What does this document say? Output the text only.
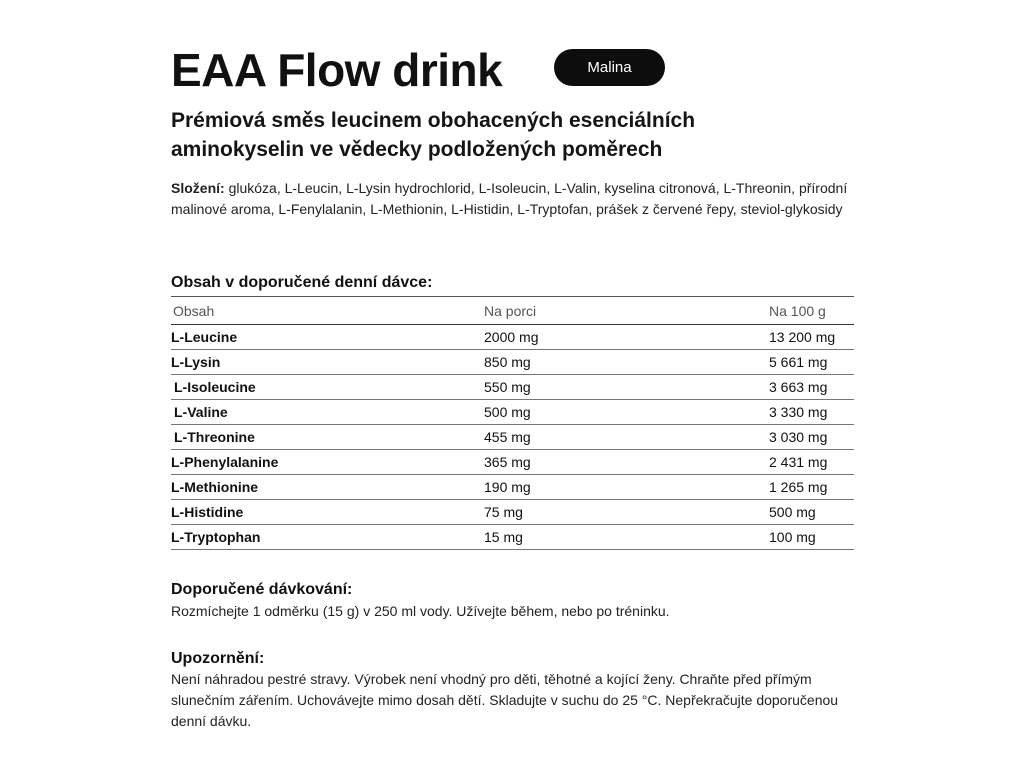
EAA Flow drink	Malina
Prémiová směs leucinem obohacených esenciálních aminokyselin ve vědecky podložených poměrech
Složení: glukóza, L-Leucin, L-Lysin hydrochlorid, L-Isoleucin, L-Valin, kyselina citronová, L-Threonin, přírodní malinové aroma, L-Fenylalanin, L-Methionin, L-Histidin, L-Tryptofan, prášek z červené řepy, steviol-glykosidy
Obsah v doporučené denní dávce:
Obsah	Na porci	Na 100 g
L-Leucine	2000 mg	13 200 mg
L-Lysin	850 mg	5 661 mg
L-Isoleucine	550 mg	3 663 mg
L-Valine	500 mg	3 330 mg
L-Threonine	455 mg	3 030 mg
L-Phenylalanine	365 mg	2 431 mg
L-Methionine	190 mg	1 265 mg
L-Histidine	75 mg	500 mg
L-Tryptophan	15 mg	100 mg
Doporučené dávkování:

Rozmíchejte 1 odměrku (15 g) v 250 ml vody. Užívejte během, nebo po tréninku.

Upozornění:

Není náhradou pestré stravy. Výrobek není vhodný pro děti, těhotné a kojící ženy. Chraňte před přímým slunečním zářením. Uchovávejte mimo dosah dětí. Skladujte v suchu do 25 °C. Nepřekračujte doporučenou denní dávku.
